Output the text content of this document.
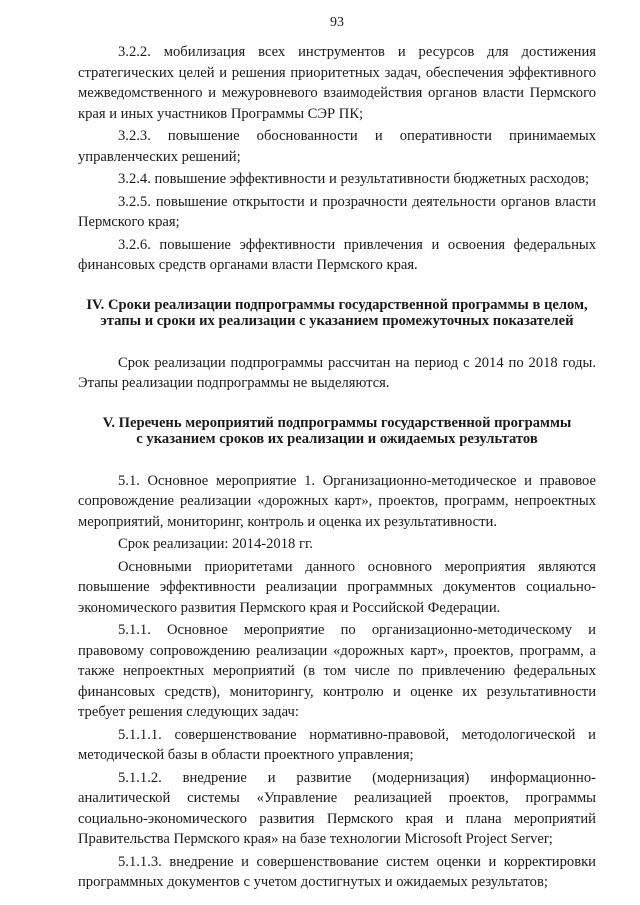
93

3.2.2. мобилизация всех инструментов и ресурсов для достижения стратегических целей и решения приоритетных задач, обеспечения эффективного межведомственного и межуровневого взаимодействия органов власти Пермского края и иных участников Программы СЭР ПК;

3.2.3. повышение обоснованности и оперативности принимаемых управленческих решений;

3.2.4. повышение эффективности и результативности бюджетных расходов;

3.2.5. повышение открытости и прозрачности деятельности органов власти Пермского края;

3.2.6. повышение эффективности привлечения и освоения федеральных финансовых средств органами власти Пермского края.

IV. Сроки реализации подпрограммы государственной программы в целом,
этапы и сроки их реализации с указанием промежуточных показателей

Срок реализации подпрограммы рассчитан на период с 2014 по 2018 годы. Этапы реализации подпрограммы не выделяются.

V. Перечень мероприятий подпрограммы государственной программы
с указанием сроков их реализации и ожидаемых результатов

5.1. Основное мероприятие 1. Организационно-методическое и правовое сопровождение реализации «дорожных карт», проектов, программ, непроектных мероприятий, мониторинг, контроль и оценка их результативности.

Срок реализации: 2014-2018 гг.

Основными приоритетами данного основного мероприятия являются повышение эффективности реализации программных документов социально-экономического развития Пермского края и Российской Федерации.

5.1.1. Основное мероприятие по организационно-методическому и правовому сопровождению реализации «дорожных карт», проектов, программ, а также непроектных мероприятий (в том числе по привлечению федеральных финансовых средств), мониторингу, контролю и оценке их результативности требует решения следующих задач:

5.1.1.1. совершенствование нормативно-правовой, методологической и методической базы в области проектного управления;

5.1.1.2. внедрение и развитие (модернизация) информационно-аналитической системы «Управление реализацией проектов, программы социально-экономического развития Пермского края и плана мероприятий Правительства Пермского края» на базе технологии Microsoft Project Server;

5.1.1.3. внедрение и совершенствование систем оценки и корректировки программных документов с учетом достигнутых и ожидаемых результатов;
